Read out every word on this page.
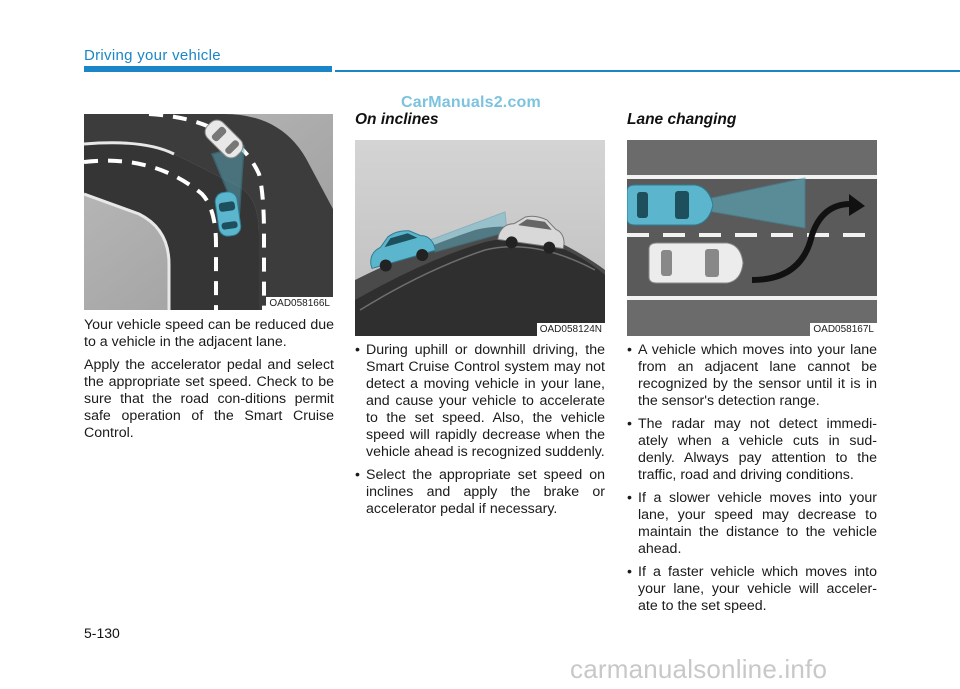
Driving your vehicle
CarManuals2.com
OAD058166L

Your vehicle speed can be reduced due to a vehicle in the adjacent lane.

Apply the accelerator pedal and select the appropriate set speed. Check to be sure that the road con-ditions permit safe operation of the Smart Cruise Control.

On inclines
OAD058124N
• During uphill or downhill driving, the Smart Cruise Control system may not detect a moving vehicle in your lane, and cause your vehicle to accelerate to the set speed. Also, the vehicle speed will rapidly decrease when the vehicle ahead is recognized suddenly.
• Select the appropriate set speed on inclines and apply the brake or accelerator pedal if necessary.
Lane changing
OAD058167L
• A vehicle which moves into your lane from an adjacent lane cannot be recognized by the sensor until it is in the sensor's detection range.
• The radar may not detect immedi-ately when a vehicle cuts in sud-denly. Always pay attention to the traffic, road and driving conditions.
• If a slower vehicle moves into your lane, your speed may decrease to maintain the distance to the vehicle ahead.
• If a faster vehicle which moves into your lane, your vehicle will acceler-ate to the set speed.
5-130
carmanualsonline.info
